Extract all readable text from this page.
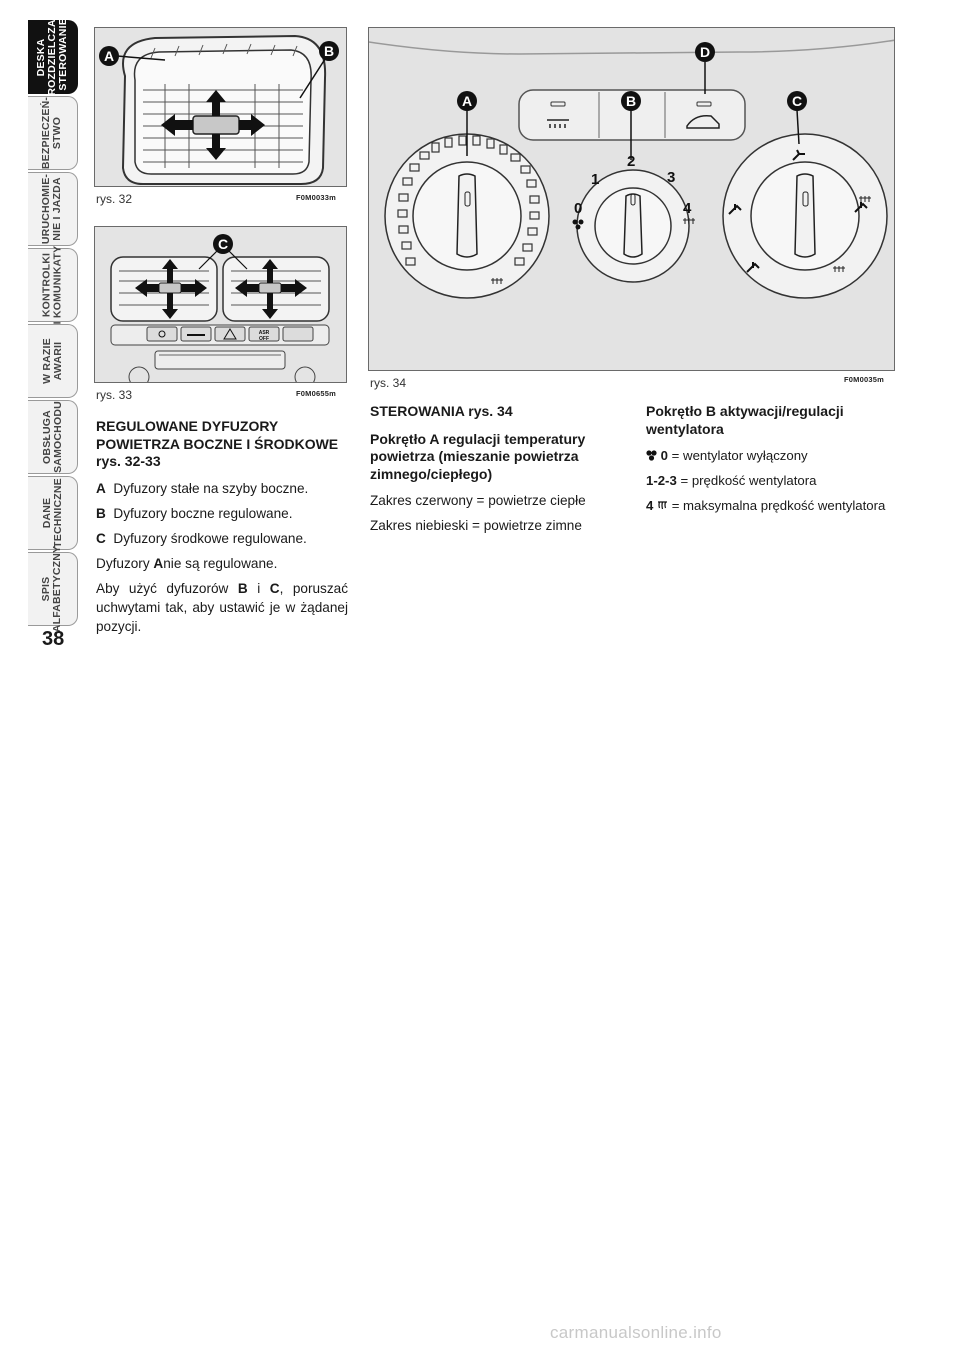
DESKA
ROZDZIELCZA
I STEROWANIE
BEZPIECZEŃ-
STWO
URUCHOMIE-
NIE I JAZDA
KONTROLKI
I KOMUNIKATY
W RAZIE
AWARII
OBSŁUGA
SAMOCHODU
DANE
TECHNICZNE
SPIS
ALFABETYCZNY
38
A	B
rys. 32	F0M0033m
C
ASR
OFF
rys. 33	F0M0655m
0
1
2
3
4
A	B	C
D
rys. 34	F0M0035m
REGULOWANE DYFUZORY POWIETRZA BOCZNE I ŚRODKOWE rys. 32-33
A Dyfuzory stałe na szyby boczne.
B Dyfuzory boczne regulowane.
C Dyfuzory środkowe regulowane.
Dyfuzory Anie są regulowane.
Aby użyć dyfuzorów B i C, poruszać uchwytami tak, aby ustawić je w żądanej pozycji.
STEROWANIA rys. 34
Pokrętło A regulacji temperatury powietrza (mieszanie powietrza zimnego/ciepłego)
Zakres czerwony = powietrze ciepłe
Zakres niebieski = powietrze zimne
Pokrętło B aktywacji/regulacji wentylatora
0 = wentylator wyłączony
1-2-3 = prędkość wentylatora
4  = maksymalna prędkość wentylatora
carmanualsonline.info
